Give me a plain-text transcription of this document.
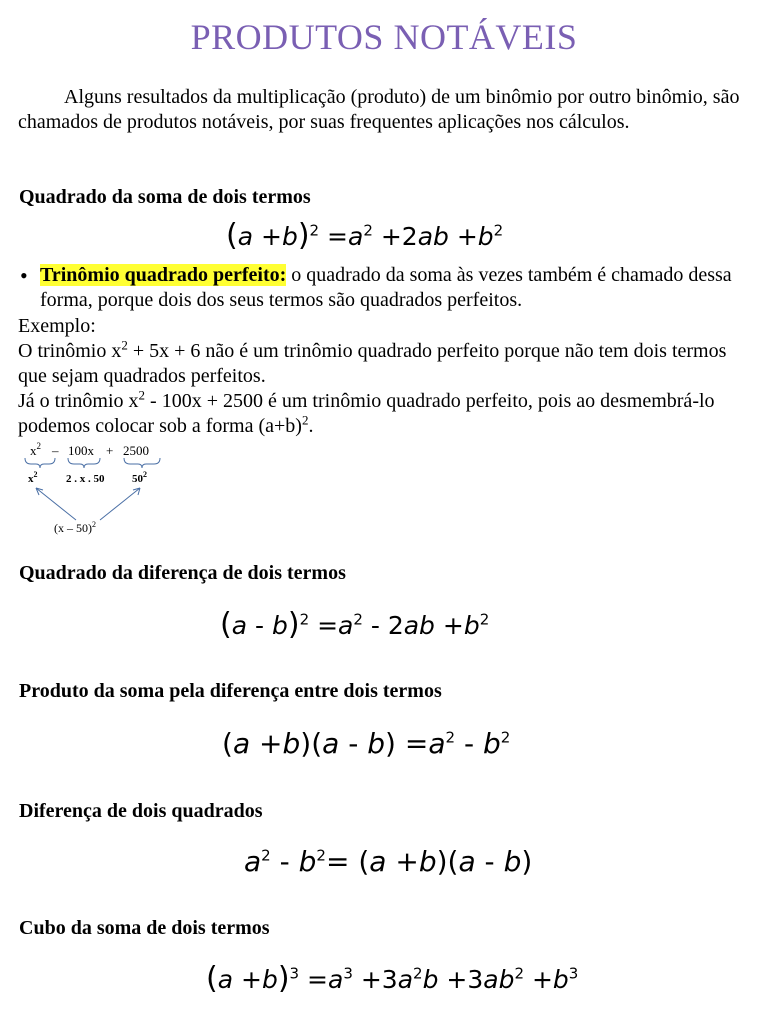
PRODUTOS NOTÁVEIS
Alguns resultados da multiplicação (produto) de um binômio por outro binômio, são chamados de produtos notáveis, por suas frequentes aplicações nos cálculos.
Quadrado da soma de dois termos
$(a +b)^2 =a^2 +2ab +b^2$
• Trinômio quadrado perfeito: o quadrado da soma às vezes também é chamado dessa forma, porque dois dos seus termos são quadrados perfeitos.
Exemplo:
O trinômio $x^2 + 5x + 6$ não é um trinômio quadrado perfeito porque não tem dois termos que sejam quadrados perfeitos.
Já o trinômio $x^2 - 100x + 2500$ é um trinômio quadrado perfeito, pois ao desmembrá-lo podemos colocar sob a forma $(a+b)^2$.
$x^2 - 100x + 2500$
$x^2$	2 . x . 50	$50^2$
(x – 50)$^2$
Quadrado da diferença de dois termos
$(a - b)^2 =a^2 - 2ab +b^2$
Produto da soma pela diferença entre dois termos
$(a +b)(a - b) =a^2 - b^2$
Diferença de dois quadrados
$a^2 - b^2= (a +b)(a - b)$
Cubo da soma de dois termos
$(a +b)^3 =a^3 +3a^2b +3ab^2 +b^3$
